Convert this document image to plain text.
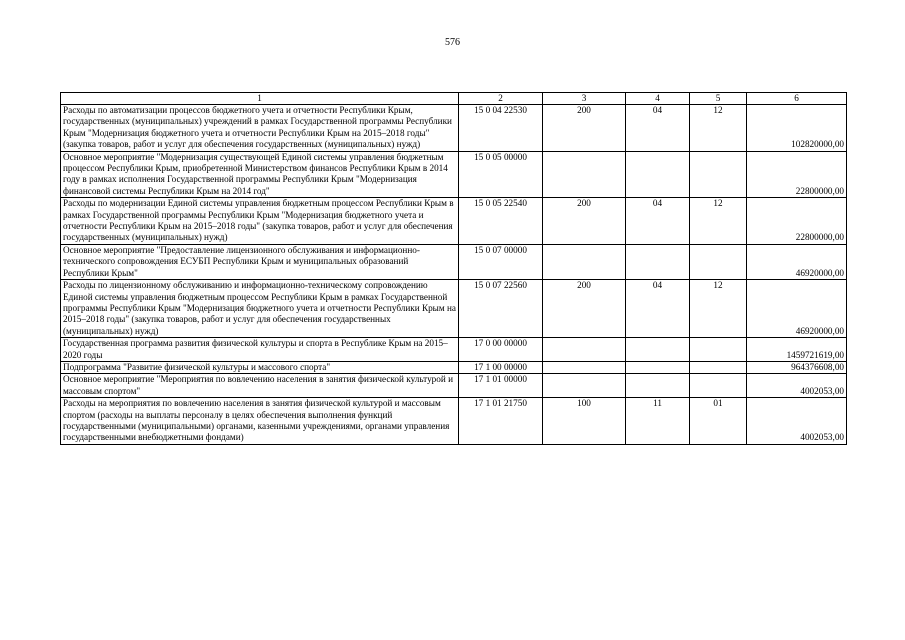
576
1	2	3	4	5	6
Расходы по автоматизации процессов бюджетного учета и отчетности Республики Крым, государственных (муниципальных) учреждений в рамках Государственной программы Республики Крым "Модернизация бюджетного учета и отчетности Республики Крым на 2015–2018 годы" (закупка товаров, работ и услуг для обеспечения государственных (муниципальных) нужд)	15 0 04 22530	200	04	12	102820000,00
Основное мероприятие "Модернизация существующей Единой системы управления бюджетным процессом Республики Крым, приобретенной Министерством финансов Республики Крым в 2014 году в рамках исполнения Государственной программы Республики Крым "Модернизация финансовой системы Республики Крым на 2014 год"	15 0 05 00000				22800000,00
Расходы по модернизации Единой системы управления бюджетным процессом Республики Крым в рамках Государственной программы Республики Крым "Модернизация бюджетного учета и отчетности Республики Крым на 2015–2018 годы" (закупка товаров, работ и услуг для обеспечения государственных (муниципальных) нужд)	15 0 05 22540	200	04	12	22800000,00
Основное мероприятие "Предоставление лицензионного обслуживания и информационно-технического сопровождения ЕСУБП Республики Крым и муниципальных образований Республики Крым"	15 0 07 00000				46920000,00
Расходы по лицензионному обслуживанию и информационно-техническому сопровождению Единой системы управления бюджетным процессом Республики Крым в рамках Государственной программы Республики Крым "Модернизация бюджетного учета и отчетности Республики Крым на 2015–2018 годы" (закупка товаров, работ и услуг для обеспечения государственных (муниципальных) нужд)	15 0 07 22560	200	04	12	46920000,00
Государственная программа развития физической культуры и спорта в Республике Крым на 2015–2020 годы	17 0 00 00000				1459721619,00
Подпрограмма "Развитие физической культуры и массового спорта"	17 1 00 00000				964376608,00
Основное мероприятие "Мероприятия по вовлечению населения в занятия физической культурой и массовым спортом"	17 1 01 00000				4002053,00
Расходы на мероприятия по вовлечению населения в занятия физической культурой и массовым спортом (расходы на выплаты персоналу в целях обеспечения выполнения функций государственными (муниципальными) органами, казенными учреждениями, органами управления государственными внебюджетными фондами)	17 1 01 21750	100	11	01	4002053,00
